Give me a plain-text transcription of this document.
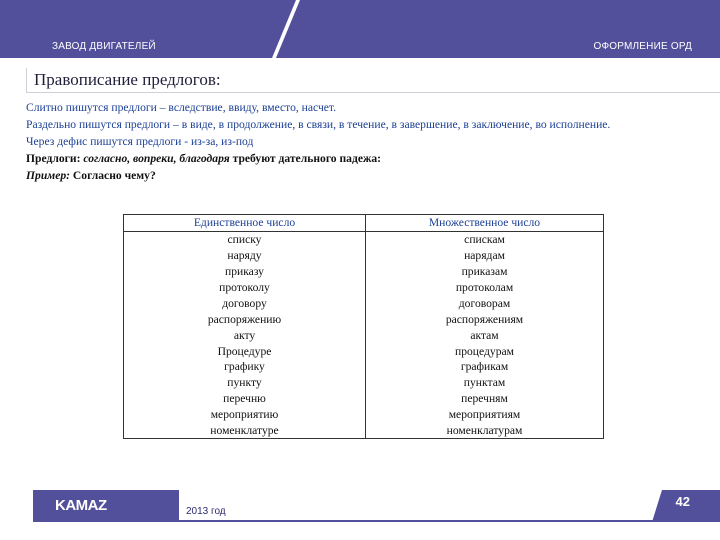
ЗАВОД ДВИГАТЕЛЕЙ	ОФОРМЛЕНИЕ ОРД
Правописание предлогов:
Слитно пишутся предлоги – вследствие, ввиду, вместо, насчет.
Раздельно пишутся предлоги – в виде, в продолжение, в связи, в течение, в завершение, в заключение, во исполнение.
Через дефис пишутся предлоги - из-за, из-под
Предлоги: согласно, вопреки, благодаря требуют дательного падежа:
Пример: Согласно чему?
Единственное число	Множественное число
списку	спискам
наряду	нарядам
приказу	приказам
протоколу	протоколам
договору	договорам
распоряжению	распоряжениям
акту	актам
Процедуре	процедурам
графику	графикам
пункту	пунктам
перечню	перечням
мероприятию	мероприятиям
номенклатуре	номенклатурам
KAMAZ	2013 год
42
